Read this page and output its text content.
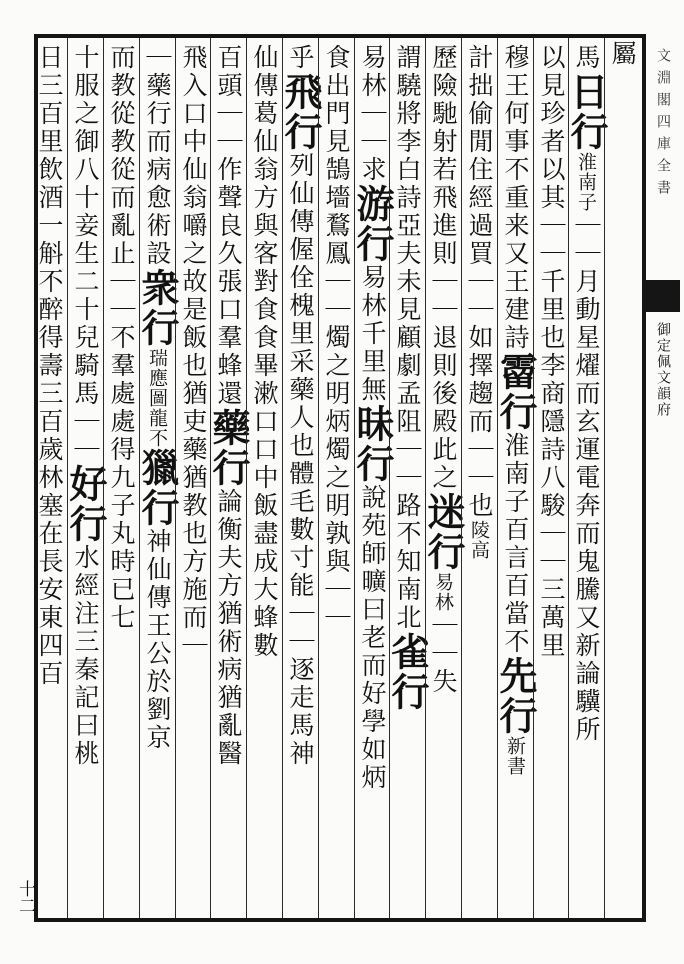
文淵閣四庫全書
御定佩文韻府
十二
屬
馬日行淮南子｜｜月動星燿而玄運電奔而鬼騰又新論驥所
以見珍者以其｜｜千里也李商隱詩八駿｜｜三萬里
穆王何事不重来又王建詩霤行淮南子百言百當不先行新書
計拙偷閒住經過買｜｜如擇趨而｜｜也陵高
歷險馳射若飛進則｜｜退則後殿此之迷行易林｜｜失
謂驍將李白詩亞夫未見顧劇孟阻｜｜路不知南北雀行
易林｜｜求游行易林千里無昧行說苑師曠曰老而好學如炳
食出門見鵠墻鶩鳳｜｜燭之明炳燭之明孰與｜｜
乎飛行列仙傳偓佺槐里采藥人也體毛數寸能｜｜逐走馬神
仙傳葛仙翁方與客對食食畢漱口口中飯盡成大蜂數
百頭｜｜作聲良久張口羣蜂還藥行論衡夫方猶術病猶亂醫
飛入口中仙翁嚼之故是飯也猶吏藥猶教也方施而｜
｜藥行而病愈術設衆行瑞應圖龍不獵行神仙傳王公於劉京
而教從教從而亂止｜｜不羣處處得九子丸時已七
十服之御八十妾生二十兒騎馬｜｜好行水經注三秦記曰桃
日三百里飲酒一斛不醉得壽三百歲林塞在長安東四百
